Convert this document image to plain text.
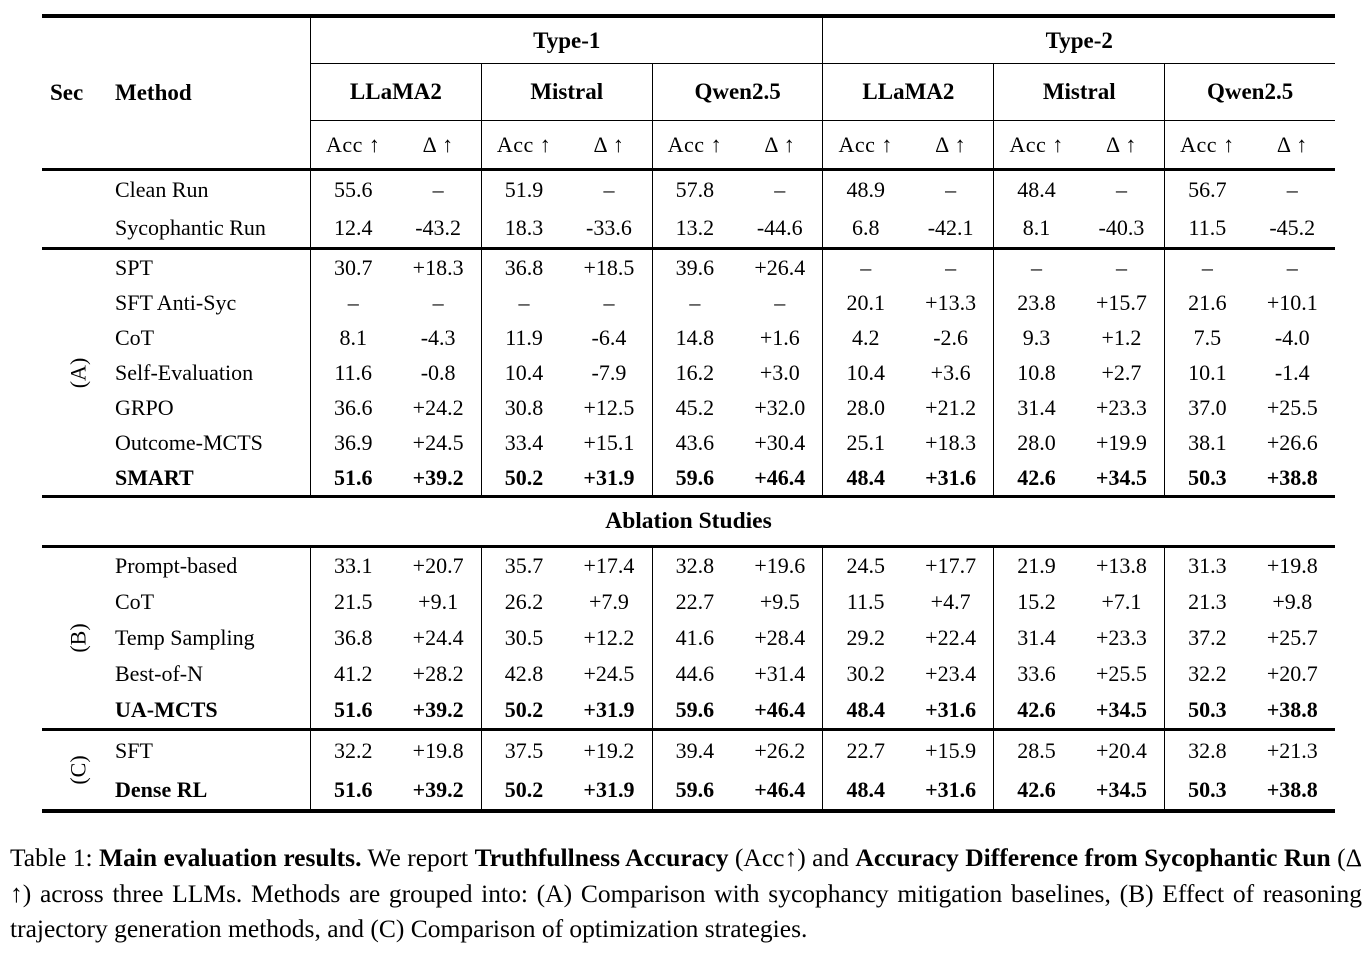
Sec	Method
Type-1	Type-2
LLaMA2	Mistral	Qwen2.5	LLaMA2	Mistral	Qwen2.5
Acc ↑	Δ ↑	Acc ↑	Δ ↑	Acc ↑	Δ ↑	Acc ↑	Δ ↑	Acc ↑	Δ ↑	Acc ↑	Δ ↑
Clean Run	55.6	–	51.9	–	57.8	–	48.9	–	48.4	–	56.7	–
Sycophantic Run	12.4	-43.2	18.3	-33.6	13.2	-44.6	6.8	-42.1	8.1	-40.3	11.5	-45.2
(A)
SPT	30.7	+18.3	36.8	+18.5	39.6	+26.4	–	–	–	–	–	–
SFT Anti-Syc	–	–	–	–	–	–	20.1	+13.3	23.8	+15.7	21.6	+10.1
CoT	8.1	-4.3	11.9	-6.4	14.8	+1.6	4.2	-2.6	9.3	+1.2	7.5	-4.0
Self-Evaluation	11.6	-0.8	10.4	-7.9	16.2	+3.0	10.4	+3.6	10.8	+2.7	10.1	-1.4
GRPO	36.6	+24.2	30.8	+12.5	45.2	+32.0	28.0	+21.2	31.4	+23.3	37.0	+25.5
Outcome-MCTS	36.9	+24.5	33.4	+15.1	43.6	+30.4	25.1	+18.3	28.0	+19.9	38.1	+26.6
SMART	51.6	+39.2	50.2	+31.9	59.6	+46.4	48.4	+31.6	42.6	+34.5	50.3	+38.8
Ablation Studies
(B)
Prompt-based	33.1	+20.7	35.7	+17.4	32.8	+19.6	24.5	+17.7	21.9	+13.8	31.3	+19.8
CoT	21.5	+9.1	26.2	+7.9	22.7	+9.5	11.5	+4.7	15.2	+7.1	21.3	+9.8
Temp Sampling	36.8	+24.4	30.5	+12.2	41.6	+28.4	29.2	+22.4	31.4	+23.3	37.2	+25.7
Best-of-N	41.2	+28.2	42.8	+24.5	44.6	+31.4	30.2	+23.4	33.6	+25.5	32.2	+20.7
UA-MCTS	51.6	+39.2	50.2	+31.9	59.6	+46.4	48.4	+31.6	42.6	+34.5	50.3	+38.8
(C)
SFT	32.2	+19.8	37.5	+19.2	39.4	+26.2	22.7	+15.9	28.5	+20.4	32.8	+21.3
Dense RL	51.6	+39.2	50.2	+31.9	59.6	+46.4	48.4	+31.6	42.6	+34.5	50.3	+38.8
Table 1: Main evaluation results. We report Truthfullness Accuracy (Acc↑) and Accuracy Difference from Sycophantic Run (Δ ↑) across three LLMs. Methods are grouped into: (A) Comparison with sycophancy mitigation baselines, (B) Effect of reasoning trajectory generation methods, and (C) Comparison of optimization strategies.
